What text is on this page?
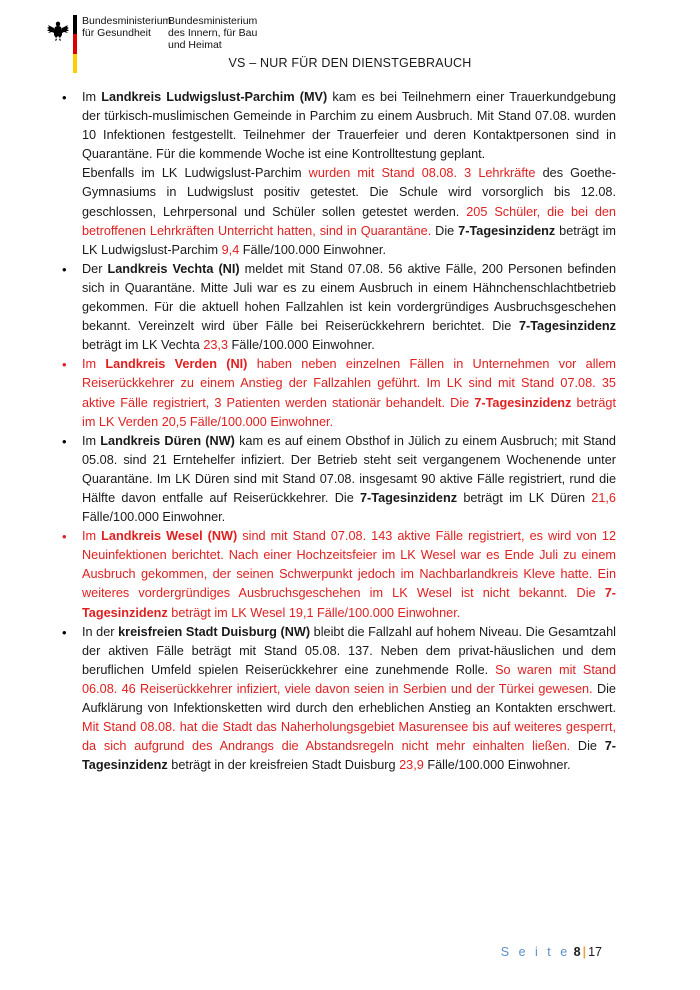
Bundesministerium
für Gesundheit
Bundesministerium
des Innern, für Bau
und Heimat
VS – NUR FÜR DEN DIENSTGEBRAUCH

• Im Landkreis Ludwigslust-Parchim (MV) kam es bei Teilnehmern einer Trauerkundgebung der türkisch-muslimischen Gemeinde in Parchim zu einem Ausbruch. Mit Stand 07.08. wurden 10 Infektionen festgestellt. Teilnehmer der Trauerfeier und deren Kontaktpersonen sind in Quarantäne. Für die kommende Woche ist eine Kontrolltestung geplant.

Ebenfalls im LK Ludwigslust-Parchim wurden mit Stand 08.08. 3 Lehrkräfte des Goethe-Gymnasiums in Ludwigslust positiv getestet. Die Schule wird vorsorglich bis 12.08. geschlossen, Lehrpersonal und Schüler sollen getestet werden. 205 Schüler, die bei den betroffenen Lehrkräften Unterricht hatten, sind in Quarantäne. Die 7-Tagesinzidenz beträgt im LK Ludwigslust-Parchim 9,4 Fälle/100.000 Einwohner.

• Der Landkreis Vechta (NI) meldet mit Stand 07.08. 56 aktive Fälle, 200 Personen befinden sich in Quarantäne. Mitte Juli war es zu einem Ausbruch in einem Hähnchenschlachtbetrieb gekommen. Für die aktuell hohen Fallzahlen ist kein vordergründiges Ausbruchsgeschehen bekannt. Vereinzelt wird über Fälle bei Reiserückkehrern berichtet. Die 7-Tagesinzidenz beträgt im LK Vechta 23,3 Fälle/100.000 Einwohner.

• Im Landkreis Verden (NI) haben neben einzelnen Fällen in Unternehmen vor allem Reiserückkehrer zu einem Anstieg der Fallzahlen geführt. Im LK sind mit Stand 07.08. 35 aktive Fälle registriert, 3 Patienten werden stationär behandelt. Die 7-Tagesinzidenz beträgt im LK Verden 20,5 Fälle/100.000 Einwohner.

• Im Landkreis Düren (NW) kam es auf einem Obsthof in Jülich zu einem Ausbruch; mit Stand 05.08. sind 21 Erntehelfer infiziert. Der Betrieb steht seit vergangenem Wochenende unter Quarantäne. Im LK Düren sind mit Stand 07.08. insgesamt 90 aktive Fälle registriert, rund die Hälfte davon entfalle auf Reiserückkehrer. Die 7-Tagesinzidenz beträgt im LK Düren 21,6 Fälle/100.000 Einwohner.

• Im Landkreis Wesel (NW) sind mit Stand 07.08. 143 aktive Fälle registriert, es wird von 12 Neuinfektionen berichtet. Nach einer Hochzeitsfeier im LK Wesel war es Ende Juli zu einem Ausbruch gekommen, der seinen Schwerpunkt jedoch im Nachbarlandkreis Kleve hatte. Ein weiteres vordergründiges Ausbruchsgeschehen im LK Wesel ist nicht bekannt. Die 7-Tagesinzidenz beträgt im LK Wesel 19,1 Fälle/100.000 Einwohner.

• In der kreisfreien Stadt Duisburg (NW) bleibt die Fallzahl auf hohem Niveau. Die Gesamtzahl der aktiven Fälle beträgt mit Stand 05.08. 137. Neben dem privat-häuslichen und dem beruflichen Umfeld spielen Reiserückkehrer eine zunehmende Rolle. So waren mit Stand 06.08. 46 Reiserückkehrer infiziert, viele davon seien in Serbien und der Türkei gewesen. Die Aufklärung von Infektionsketten wird durch den erheblichen Anstieg an Kontakten erschwert. Mit Stand 08.08. hat die Stadt das Naherholungsgebiet Masurensee bis auf weiteres gesperrt, da sich aufgrund des Andrangs die Abstandsregeln nicht mehr einhalten ließen. Die 7-Tagesinzidenz beträgt in der kreisfreien Stadt Duisburg 23,9 Fälle/100.000 Einwohner.

S e i t e 8 | 17
